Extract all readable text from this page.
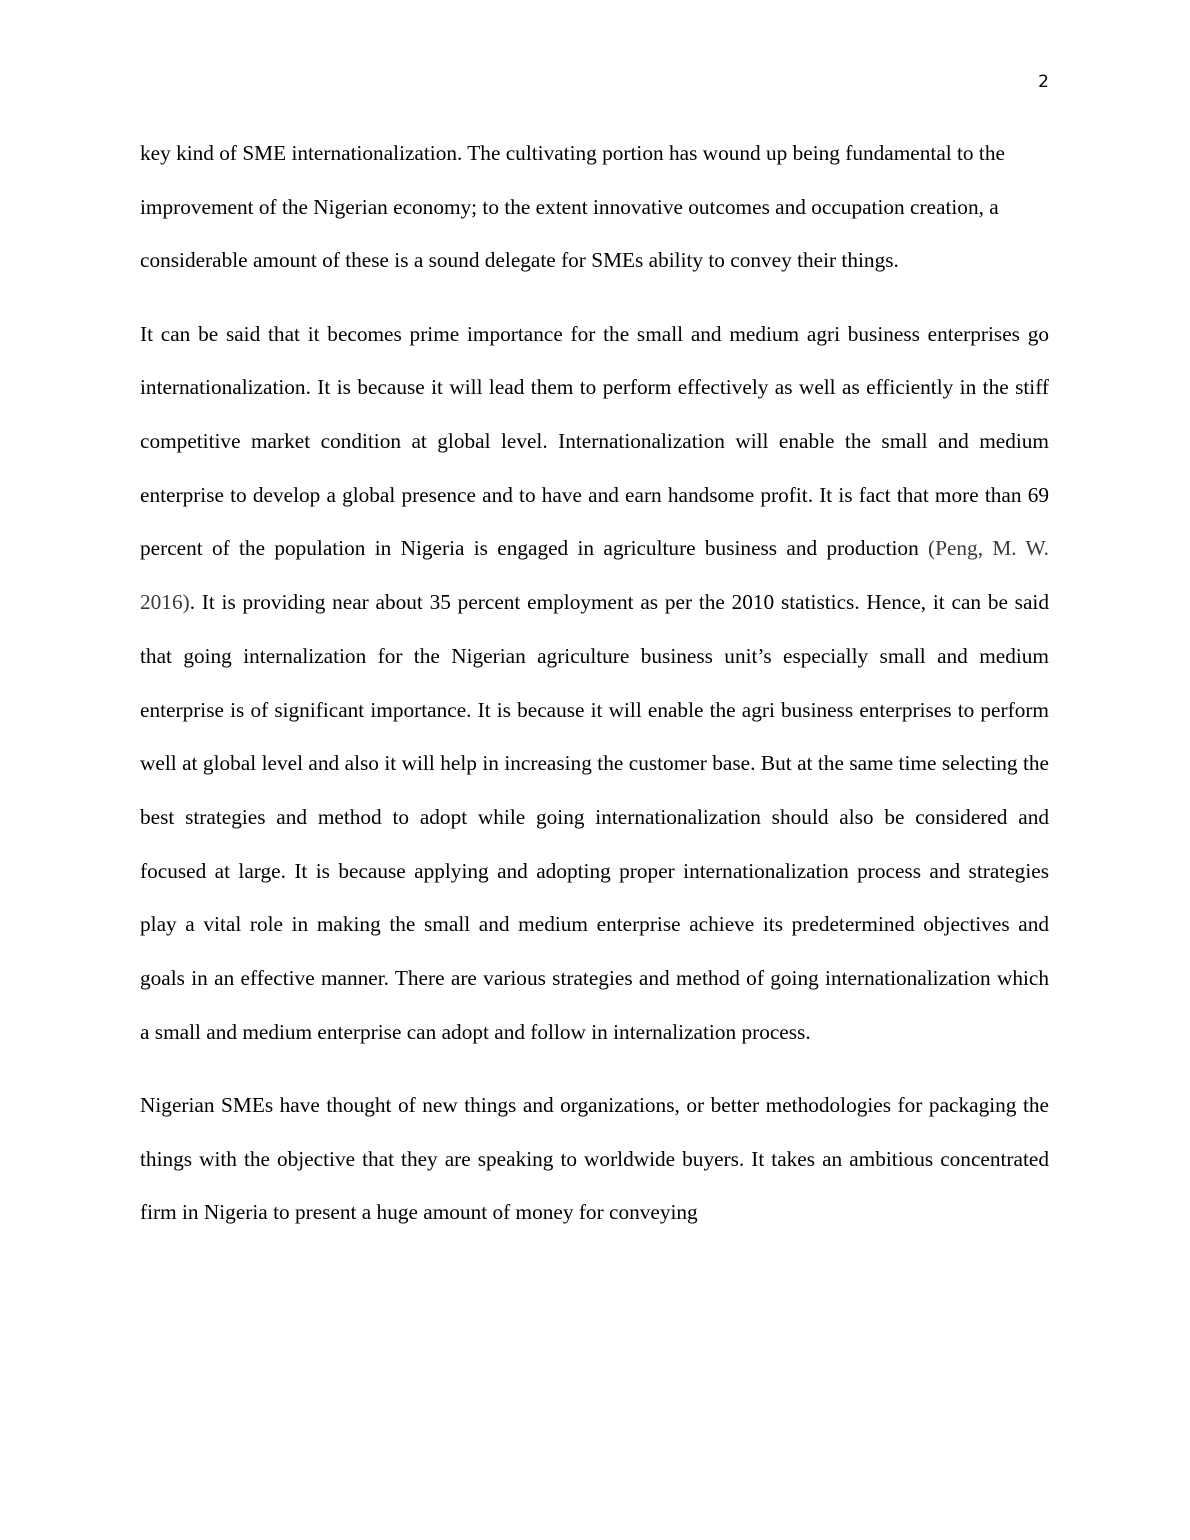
2

key kind of SME internationalization. The cultivating portion has wound up being fundamental to the improvement of the Nigerian economy; to the extent innovative outcomes and occupation creation, a considerable amount of these is a sound delegate for SMEs ability to convey their things.

It can be said that it becomes prime importance for the small and medium agri business enterprises go internationalization. It is because it will lead them to perform effectively as well as efficiently in the stiff competitive market condition at global level. Internationalization will enable the small and medium enterprise to develop a global presence and to have and earn handsome profit. It is fact that more than 69 percent of the population in Nigeria is engaged in agriculture business and production (Peng, M. W. 2016). It is providing near about 35 percent employment as per the 2010 statistics. Hence, it can be said that going internalization for the Nigerian agriculture business unit’s especially small and medium enterprise is of significant importance. It is because it will enable the agri business enterprises to perform well at global level and also it will help in increasing the customer base. But at the same time selecting the best strategies and method to adopt while going internationalization should also be considered and focused at large. It is because applying and adopting proper internationalization process and strategies play a vital role in making the small and medium enterprise achieve its predetermined objectives and goals in an effective manner. There are various strategies and method of going internationalization which a small and medium enterprise can adopt and follow in internalization process.

Nigerian SMEs have thought of new things and organizations, or better methodologies for packaging the things with the objective that they are speaking to worldwide buyers. It takes an ambitious concentrated firm in Nigeria to present a huge amount of money for conveying
